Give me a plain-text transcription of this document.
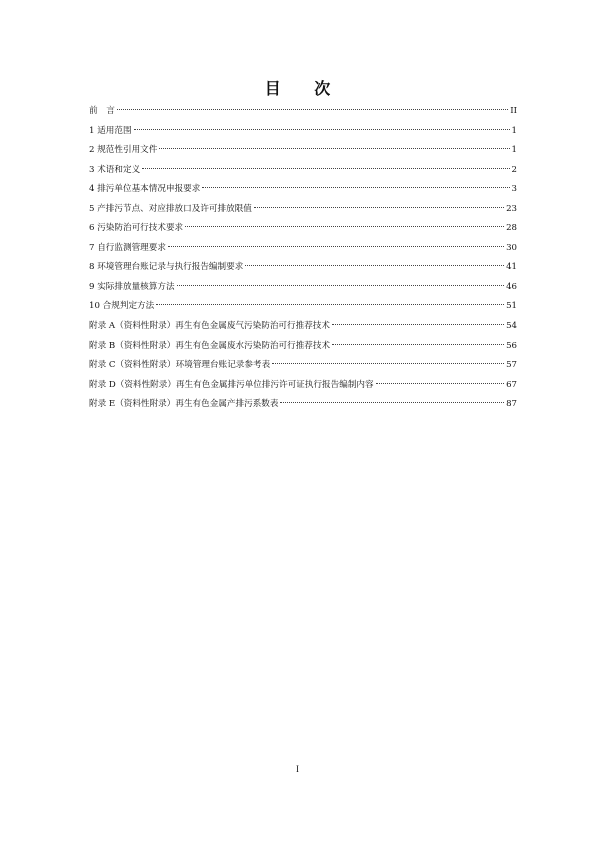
目 次
前　言	II
1 适用范围	1
2 规范性引用文件	1
3 术语和定义	2
4 排污单位基本情况申报要求	3
5 产排污节点、对应排放口及许可排放限值	23
6 污染防治可行技术要求	28
7 自行监测管理要求	30
8 环境管理台账记录与执行报告编制要求	41
9 实际排放量核算方法	46
10 合规判定方法	51
附录 A（资料性附录）再生有色金属废气污染防治可行推荐技术	54
附录 B（资料性附录）再生有色金属废水污染防治可行推荐技术	56
附录 C（资料性附录）环境管理台账记录参考表	57
附录 D（资料性附录）再生有色金属排污单位排污许可证执行报告编制内容	67
附录 E（资料性附录）再生有色金属产排污系数表	87
I
